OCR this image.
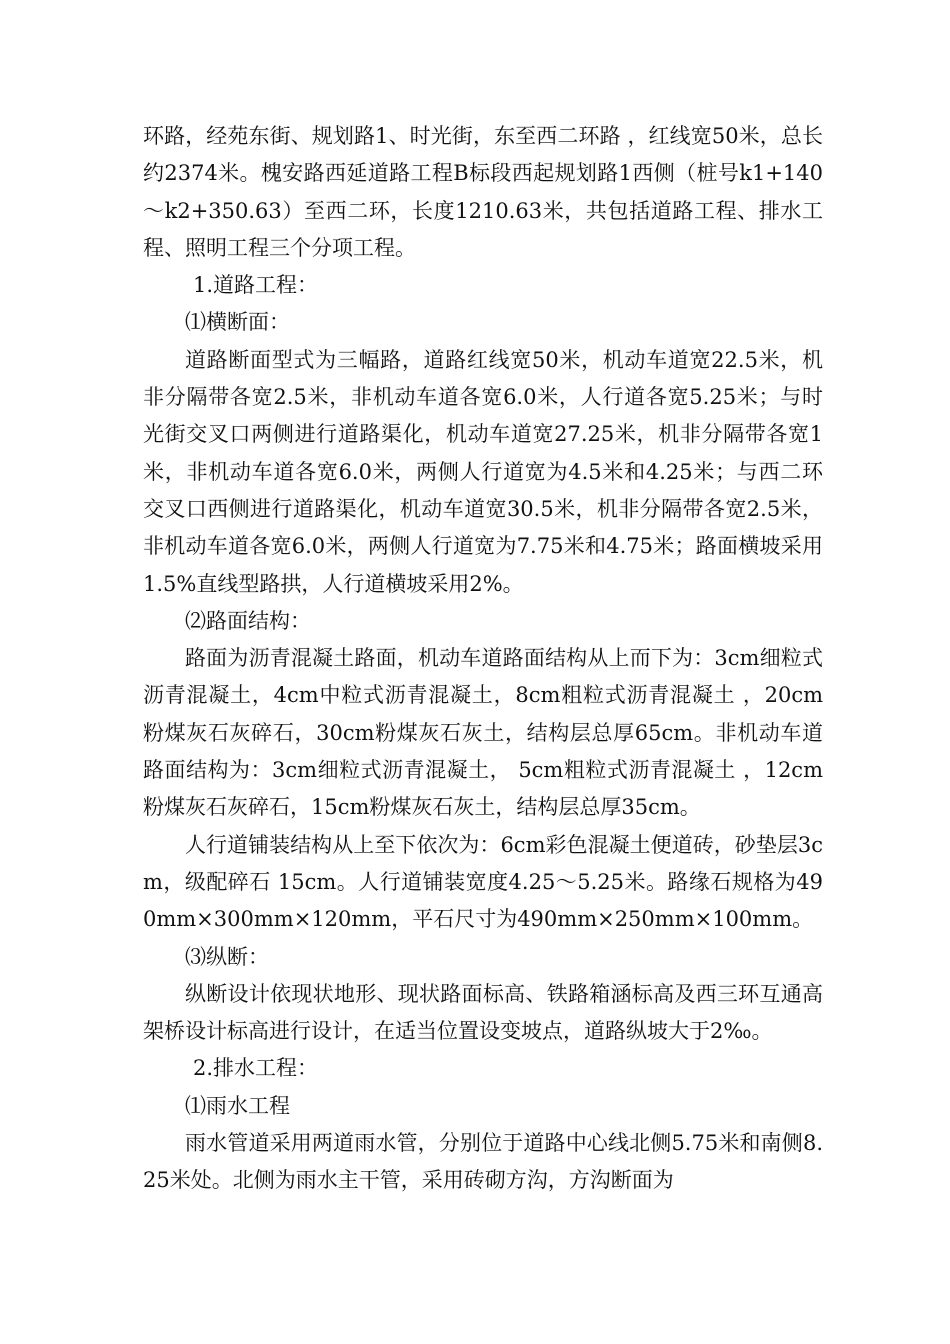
环路，经苑东街、规划路1、时光街，东至西二环路 ，红线宽50米，总长约2374米。槐安路西延道路工程B标段西起规划路1西侧（桩号k1+140～k2+350.63）至西二环，长度1210.63米，共包括道路工程、排水工程、照明工程三个分项工程。

1.道路工程：

⑴横断面：

道路断面型式为三幅路，道路红线宽50米，机动车道宽22.5米，机非分隔带各宽2.5米，非机动车道各宽6.0米，人行道各宽5.25米；与时光街交叉口两侧进行道路渠化，机动车道宽27.25米，机非分隔带各宽1米，非机动车道各宽6.0米，两侧人行道宽为4.5米和4.25米；与西二环交叉口西侧进行道路渠化，机动车道宽30.5米，机非分隔带各宽2.5米，非机动车道各宽6.0米，两侧人行道宽为7.75米和4.75米；路面横坡采用1.5%直线型路拱，人行道横坡采用2%。

⑵路面结构：

路面为沥青混凝土路面，机动车道路面结构从上而下为：3cm细粒式沥青混凝土，4cm中粒式沥青混凝土，8cm粗粒式沥青混凝土 ，20cm粉煤灰石灰碎石，30cm粉煤灰石灰土，结构层总厚65cm。非机动车道路面结构为：3cm细粒式沥青混凝土， 5cm粗粒式沥青混凝土 ，12cm粉煤灰石灰碎石，15cm粉煤灰石灰土，结构层总厚35cm。

人行道铺装结构从上至下依次为：6cm彩色混凝土便道砖，砂垫层3cm，级配碎石 15cm。人行道铺装宽度4.25～5.25米。路缘石规格为490mm×300mm×120mm，平石尺寸为490mm×250mm×100mm。

⑶纵断：

纵断设计依现状地形、现状路面标高、铁路箱涵标高及西三环互通高架桥设计标高进行设计，在适当位置设变坡点，道路纵坡大于2‰。

2.排水工程：

⑴雨水工程

雨水管道采用两道雨水管，分别位于道路中心线北侧5.75米和南侧8.25米处。北侧为雨水主干管，采用砖砌方沟，方沟断面为
